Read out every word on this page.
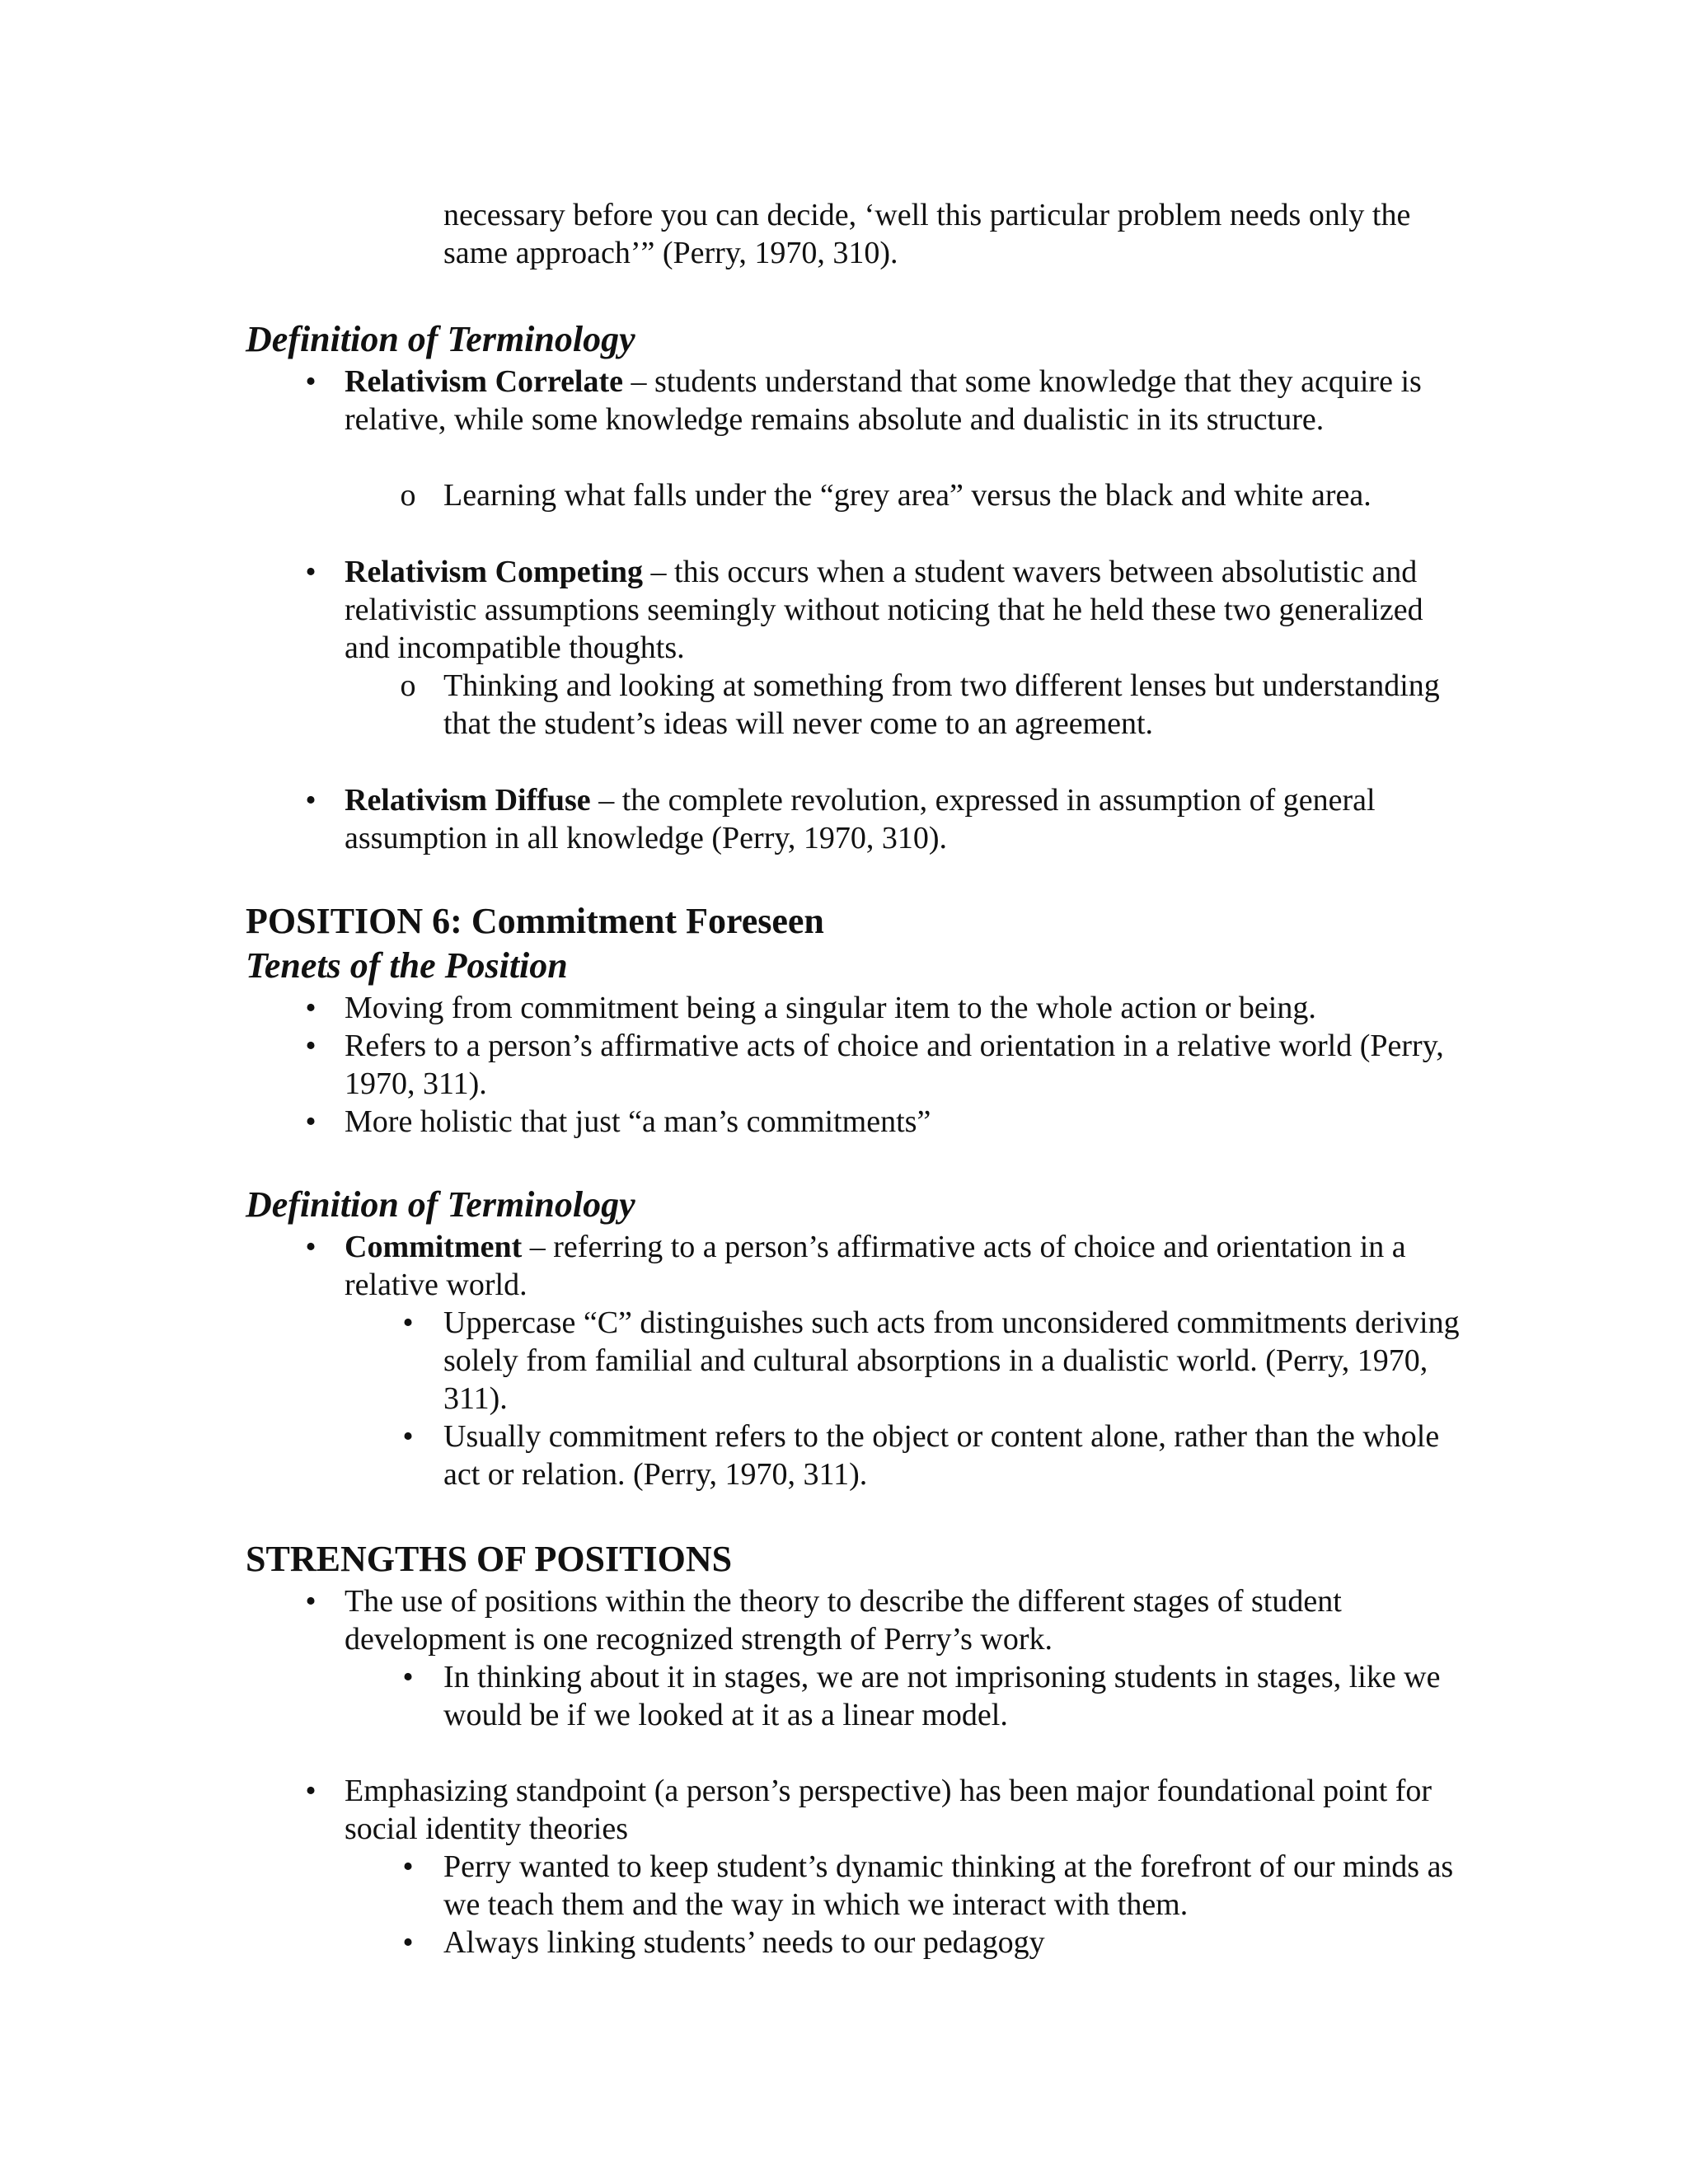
necessary before you can decide, ‘well this particular problem needs only the same approach’” (Perry, 1970, 310).
Definition of Terminology
• Relativism Correlate – students understand that some knowledge that they acquire is relative, while some knowledge remains absolute and dualistic in its structure.
o Learning what falls under the “grey area” versus the black and white area.
• Relativism Competing – this occurs when a student wavers between absolutistic and relativistic assumptions seemingly without noticing that he held these two generalized and incompatible thoughts.
o Thinking and looking at something from two different lenses but understanding that the student’s ideas will never come to an agreement.
• Relativism Diffuse – the complete revolution, expressed in assumption of general assumption in all knowledge (Perry, 1970, 310).
POSITION 6: Commitment Foreseen
Tenets of the Position
• Moving from commitment being a singular item to the whole action or being.
• Refers to a person’s affirmative acts of choice and orientation in a relative world (Perry, 1970, 311).
• More holistic that just “a man’s commitments”
Definition of Terminology
• Commitment – referring to a person’s affirmative acts of choice and orientation in a relative world.
• Uppercase “C” distinguishes such acts from unconsidered commitments deriving solely from familial and cultural absorptions in a dualistic world. (Perry, 1970, 311).
• Usually commitment refers to the object or content alone, rather than the whole act or relation. (Perry, 1970, 311).
STRENGTHS OF POSITIONS
• The use of positions within the theory to describe the different stages of student development is one recognized strength of Perry’s work.
• In thinking about it in stages, we are not imprisoning students in stages, like we would be if we looked at it as a linear model.
• Emphasizing standpoint (a person’s perspective) has been major foundational point for social identity theories
• Perry wanted to keep student’s dynamic thinking at the forefront of our minds as we teach them and the way in which we interact with them.
• Always linking students’ needs to our pedagogy
